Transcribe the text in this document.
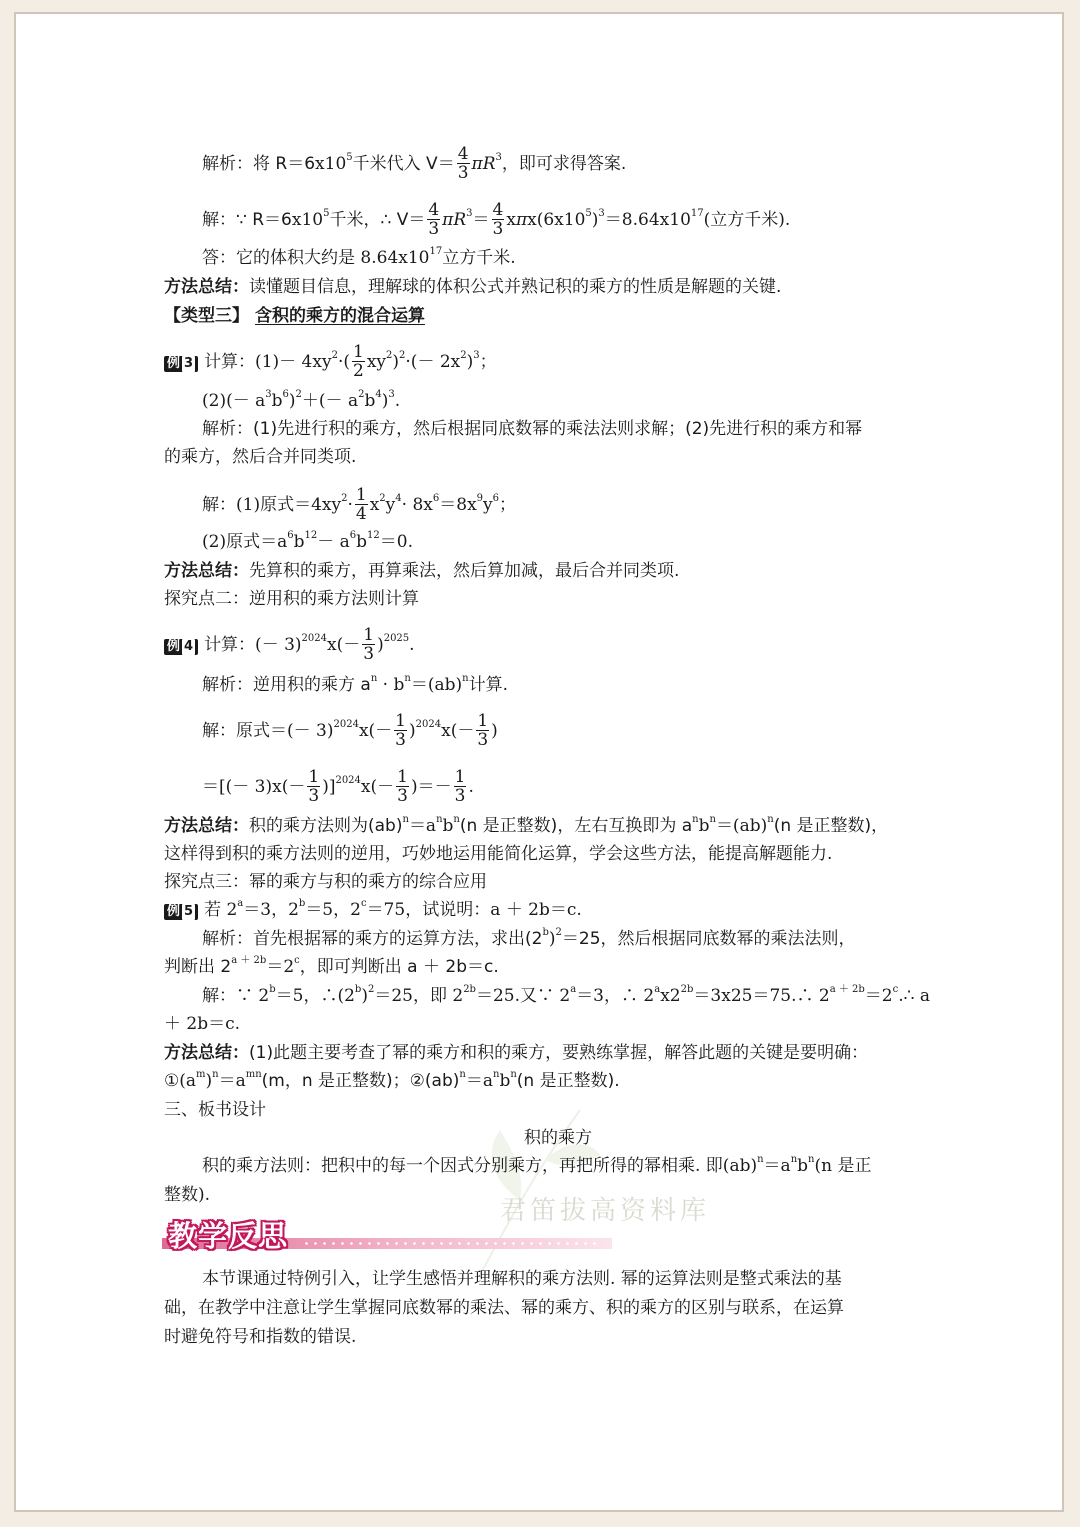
君笛拔高资料库
解析：将 $R=6x10^5$千米代入 $V= \frac{4}{3} \pi R^3$，即可求得答案.
解：∵ $R=6x10^5$千米，∴ $V= \frac{4}{3} \pi R^3= \frac{4}{3} x\pi x(6x10^5)^3=8.64x10^{17}$(立方千米).
答：它的体积大约是 $8.64x10^{17}$立方千米.
方法总结：读懂题目信息，理解球的体积公式并熟记积的乘方的性质是解题的关键.
【类型三】 含积的乘方的混合运算
例 3 计算：$(1)- 4xy^2\cdot( \frac{1}{2} xy^2)^2\cdot(- 2x^2)^3$；
$(2)(- a^3b^6)^2+(- a^2b^4)^3$.
解析：(1)先进行积的乘方，然后根据同底数幂的乘法法则求解；(2)先进行积的乘方和幂
的乘方，然后合并同类项.
解：(1)原式$=4xy^2\cdot \frac{1}{4} x^2y^4\cdot 8x^6=8x^9y^6$；
(2)原式$=a^6b^{12}- a^6b^{12}=0$.
方法总结：先算积的乘方，再算乘法，然后算加减，最后合并同类项.
探究点二：逆用积的乘方法则计算
例 4 计算：(－ $3)^{2024}x(- \frac{1}{3} )^{2025}$.
解析：逆用积的乘方 $a^n \cdot b^n=(ab)^n$计算.
解：原式＝(－ $3)^{2024}x(- \frac{1}{3} )^{2024}x(- \frac{1}{3}$ )
＝[(－ $3)x(- \frac{1}{3} )]^{2024}x(- \frac{1}{3}$ )＝－ $\frac{1}{3}$ .
方法总结：积的乘方法则为$(ab)^n=a^nb^n(n$ 是正整数)，左右互换即为 $a^nb^n=(ab)^n(n$ 是正整数)，
这样得到积的乘方法则的逆用，巧妙地运用能简化运算，学会这些方法，能提高解题能力.
探究点三：幂的乘方与积的乘方的综合应用
例 5 若 $2^a=3$，$2^b=5$，$2^c=75$，试说明：a ＋ 2b＝c.
解析：首先根据幂的乘方的运算方法，求出$(2^b)^2=25$，然后根据同底数幂的乘法法则，
判断出 $2^{a + 2b}=2^c$，即可判断出 a ＋ 2b＝c.
解：∵ $2^b=5$，$\therefore(2^b)^2=25$，即 $2^{2b}=25$.又∵ $2^a=3$，∴ $2^ax2^{2b}=3x25=75.\therefore$ $2^{a + 2b}=2^c.\therefore$ a
＋ 2b＝c.
方法总结：(1)此题主要考查了幂的乘方和积的乘方，要熟练掌握，解答此题的关键是要明确：
$①(a^m)^n=a^{mn}(m$，n 是正整数)；$②(ab)^n=a^nb^n(n$ 是正整数).
三、板书设计
积的乘方
积的乘方法则：把积中的每一个因式分别乘方，再把所得的幂相乘. 即$(ab)^n=a^nb^n(n$ 是正
整数).
教学反思
本节课通过特例引入，让学生感悟并理解积的乘方法则. 幂的运算法则是整式乘法的基
础，在教学中注意让学生掌握同底数幂的乘法、幂的乘方、积的乘方的区别与联系，在运算
时避免符号和指数的错误.
